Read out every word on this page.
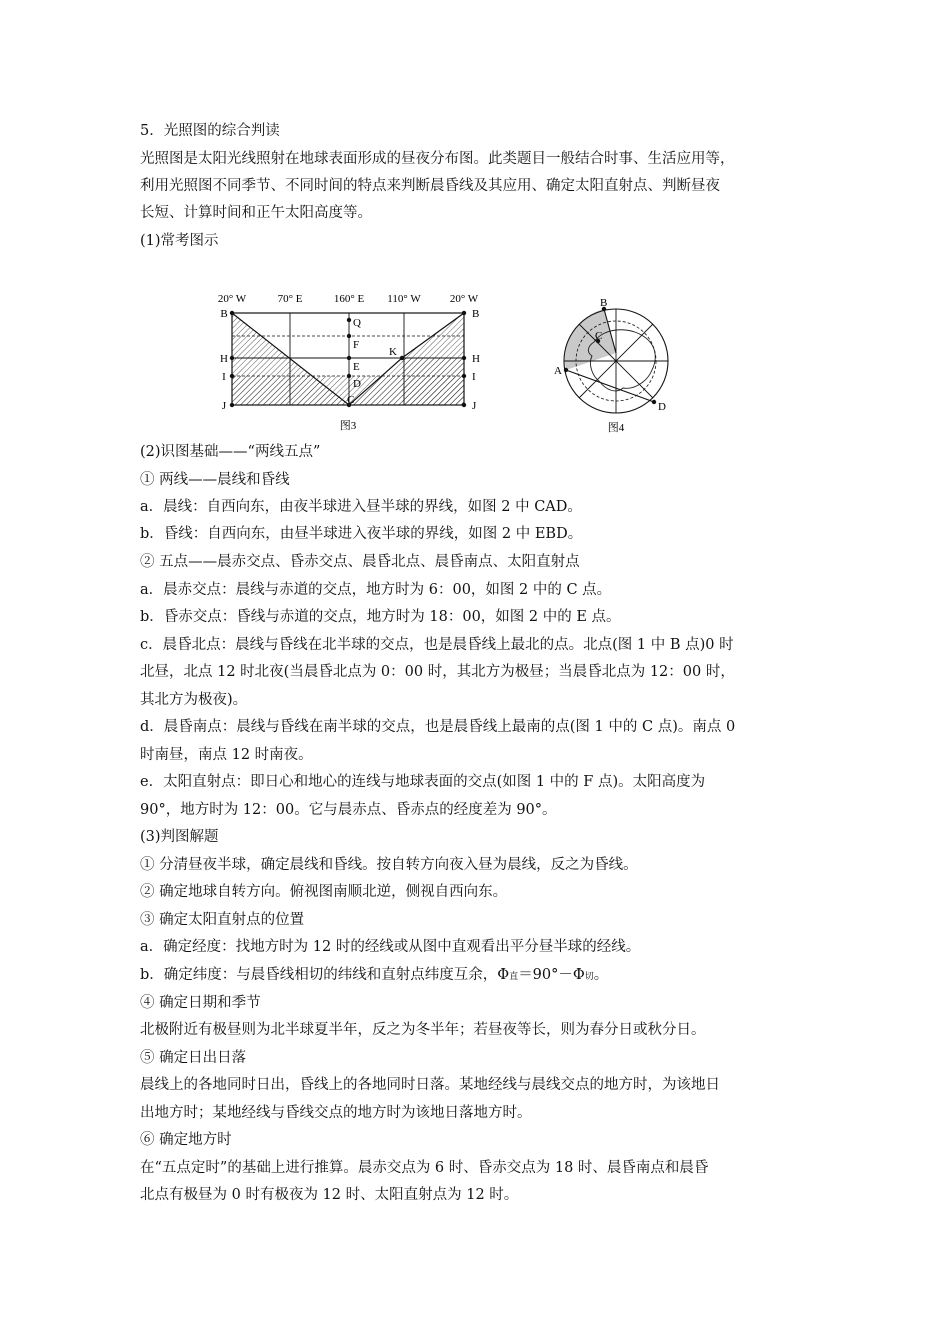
5．光照图的综合判读
光照图是太阳光线照射在地球表面形成的昼夜分布图。此类题目一般结合时事、生活应用等，
利用光照图不同季节、不同时间的特点来判断晨昏线及其应用、确定太阳直射点、判断昼夜
长短、计算时间和正午太阳高度等。
(1)常考图示
20° W	70° E	160° E 110° W	20° W
B
H
I
J
B
H
I
J
Q
F
E
D
C
K
图3
B
C
A
D
图4
(2)识图基础——“两线五点”
① 两线——晨线和昏线
a．晨线：自西向东，由夜半球进入昼半球的界线，如图 2 中 CAD。
b．昏线：自西向东，由昼半球进入夜半球的界线，如图 2 中 EBD。
② 五点——晨赤交点、昏赤交点、晨昏北点、晨昏南点、太阳直射点
a．晨赤交点：晨线与赤道的交点，地方时为 6：00，如图 2 中的 C 点。
b．昏赤交点：昏线与赤道的交点，地方时为 18：00，如图 2 中的 E 点。
c．晨昏北点：晨线与昏线在北半球的交点，也是晨昏线上最北的点。北点(图 1 中 B 点)0 时
北昼，北点 12 时北夜(当晨昏北点为 0：00 时，其北方为极昼；当晨昏北点为 12：00 时，
其北方为极夜)。
d．晨昏南点：晨线与昏线在南半球的交点，也是晨昏线上最南的点(图 1 中的 C 点)。南点 0
时南昼，南点 12 时南夜。
e．太阳直射点：即日心和地心的连线与地球表面的交点(如图 1 中的 F 点)。太阳高度为
90°，地方时为 12：00。它与晨赤点、昏赤点的经度差为 90°。
(3)判图解题
① 分清昼夜半球，确定晨线和昏线。按自转方向夜入昼为晨线，反之为昏线。
② 确定地球自转方向。俯视图南顺北逆，侧视自西向东。
③ 确定太阳直射点的位置
a．确定经度：找地方时为 12 时的经线或从图中直观看出平分昼半球的经线。
b．确定纬度：与晨昏线相切的纬线和直射点纬度互余，Φ直＝90°－Φ切。
④ 确定日期和季节
北极附近有极昼则为北半球夏半年，反之为冬半年；若昼夜等长，则为春分日或秋分日。
⑤ 确定日出日落
晨线上的各地同时日出，昏线上的各地同时日落。某地经线与晨线交点的地方时，为该地日
出地方时；某地经线与昏线交点的地方时为该地日落地方时。
⑥ 确定地方时
在“五点定时”的基础上进行推算。晨赤交点为 6 时、昏赤交点为 18 时、晨昏南点和晨昏
北点有极昼为 0 时有极夜为 12 时、太阳直射点为 12 时。
